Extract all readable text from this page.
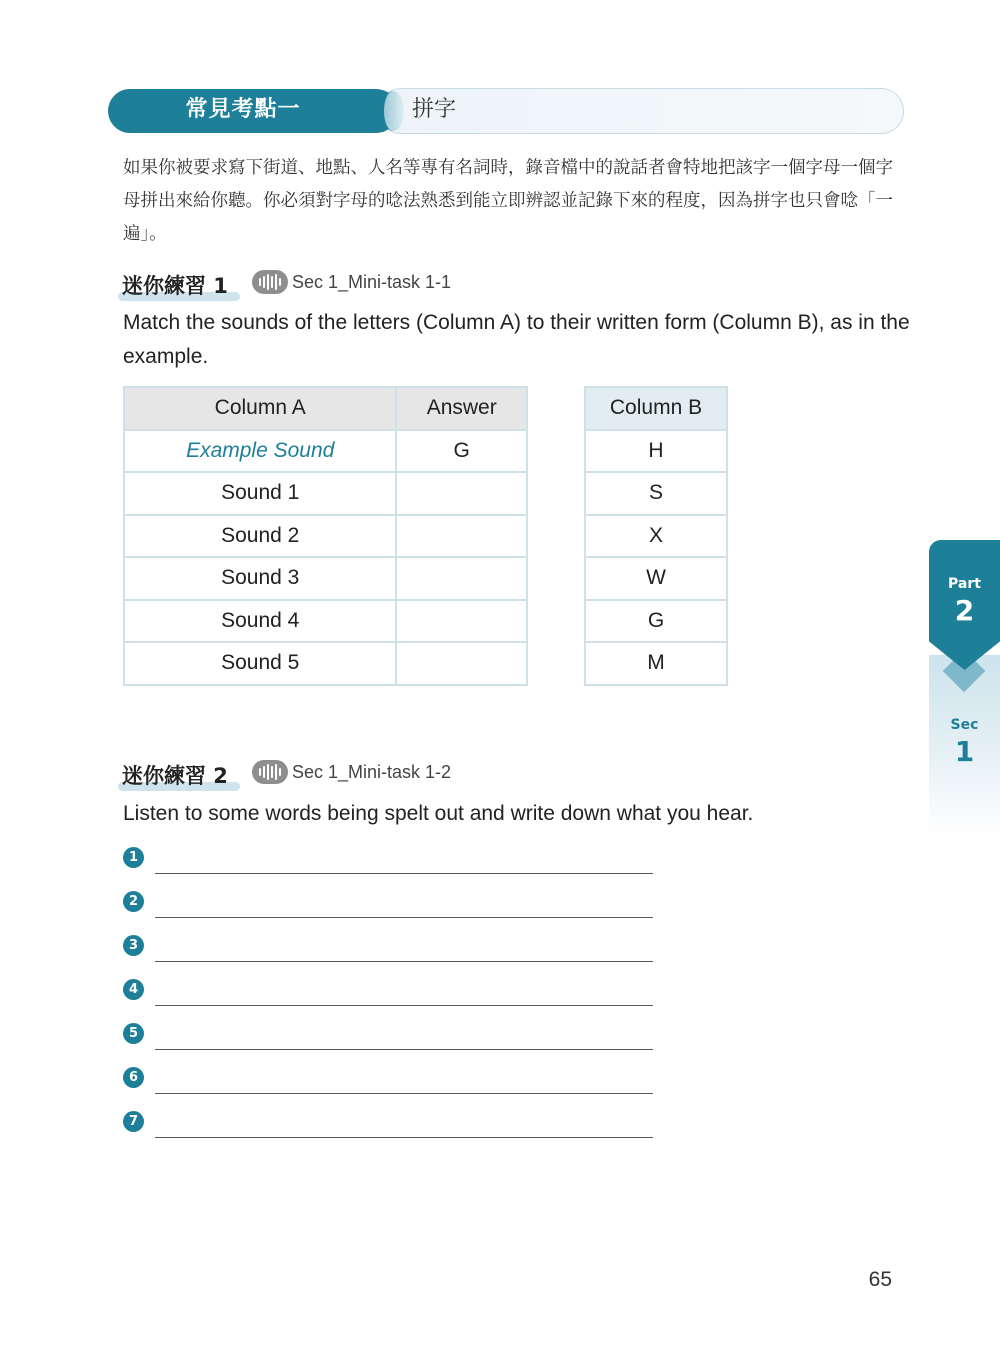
常見考點一	拼字

如果你被要求寫下街道、地點、人名等專有名詞時，錄音檔中的說話者會特地把該字一個字母一個字母拼出來給你聽。你必須對字母的唸法熟悉到能立即辨認並記錄下來的程度，因為拼字也只會唸「一遍」。

迷你練習 1	Sec 1_Mini-task 1-1

Match the sounds of the letters (Column A) to their written form (Column B), as in the example.

Column A	Answer
Example Sound	G
Sound 1	
Sound 2	
Sound 3	
Sound 4	
Sound 5	
Column B
H
S
X
W
G
M
Part
2
Sec
1
迷你練習 2	Sec 1_Mini-task 1-2

Listen to some words being spelt out and write down what you hear.

1
2
3
4
5
6
7
65
